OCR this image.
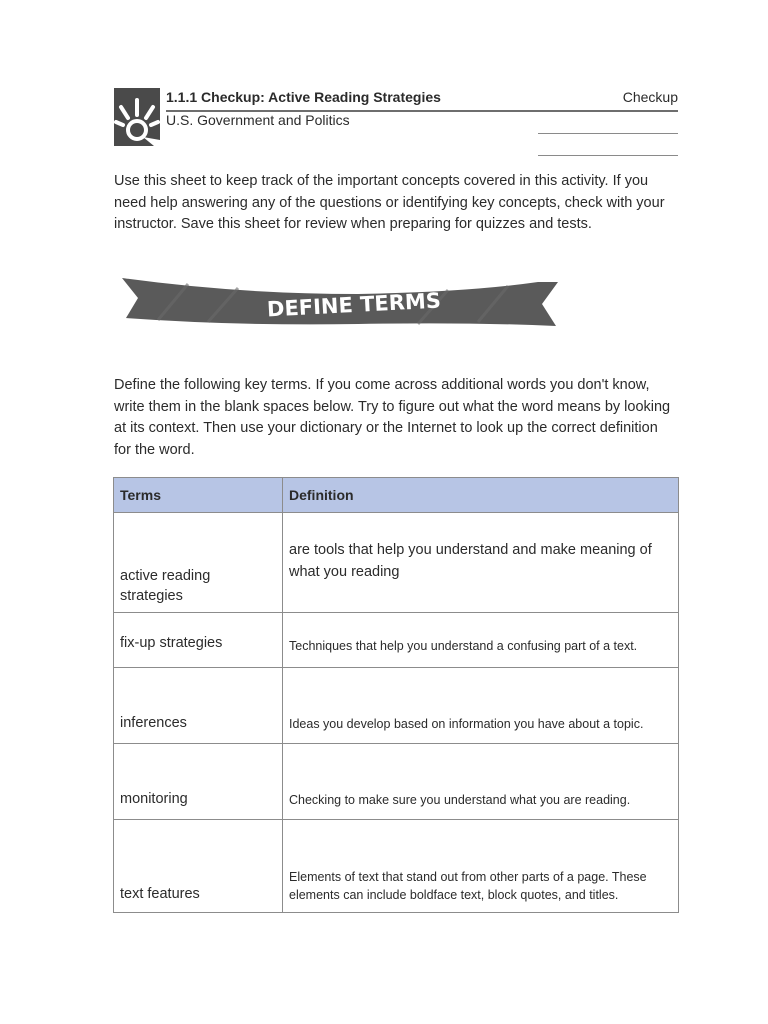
1.1.1 Checkup: Active Reading Strategies	Checkup
U.S. Government and Politics

Use this sheet to keep track of the important concepts covered in this activity. If you need help answering any of the questions or identifying key concepts, check with your instructor. Save this sheet for review when preparing for quizzes and tests.

DEFINE TERMS

Define the following key terms. If you come across additional words you don't know, write them in the blank spaces below. Try to figure out what the word means by looking at its context. Then use your dictionary or the Internet to look up the correct definition for the word.

Terms	Definition
active reading strategies	are tools that help you understand and make meaning of what you reading
fix-up strategies	Techniques that help you understand a confusing part of a text.
inferences	Ideas you develop based on information you have about a topic.
monitoring	Checking to make sure you understand what you are reading.
text features	Elements of text that stand out from other parts of a page. These elements can include boldface text, block quotes, and titles.
